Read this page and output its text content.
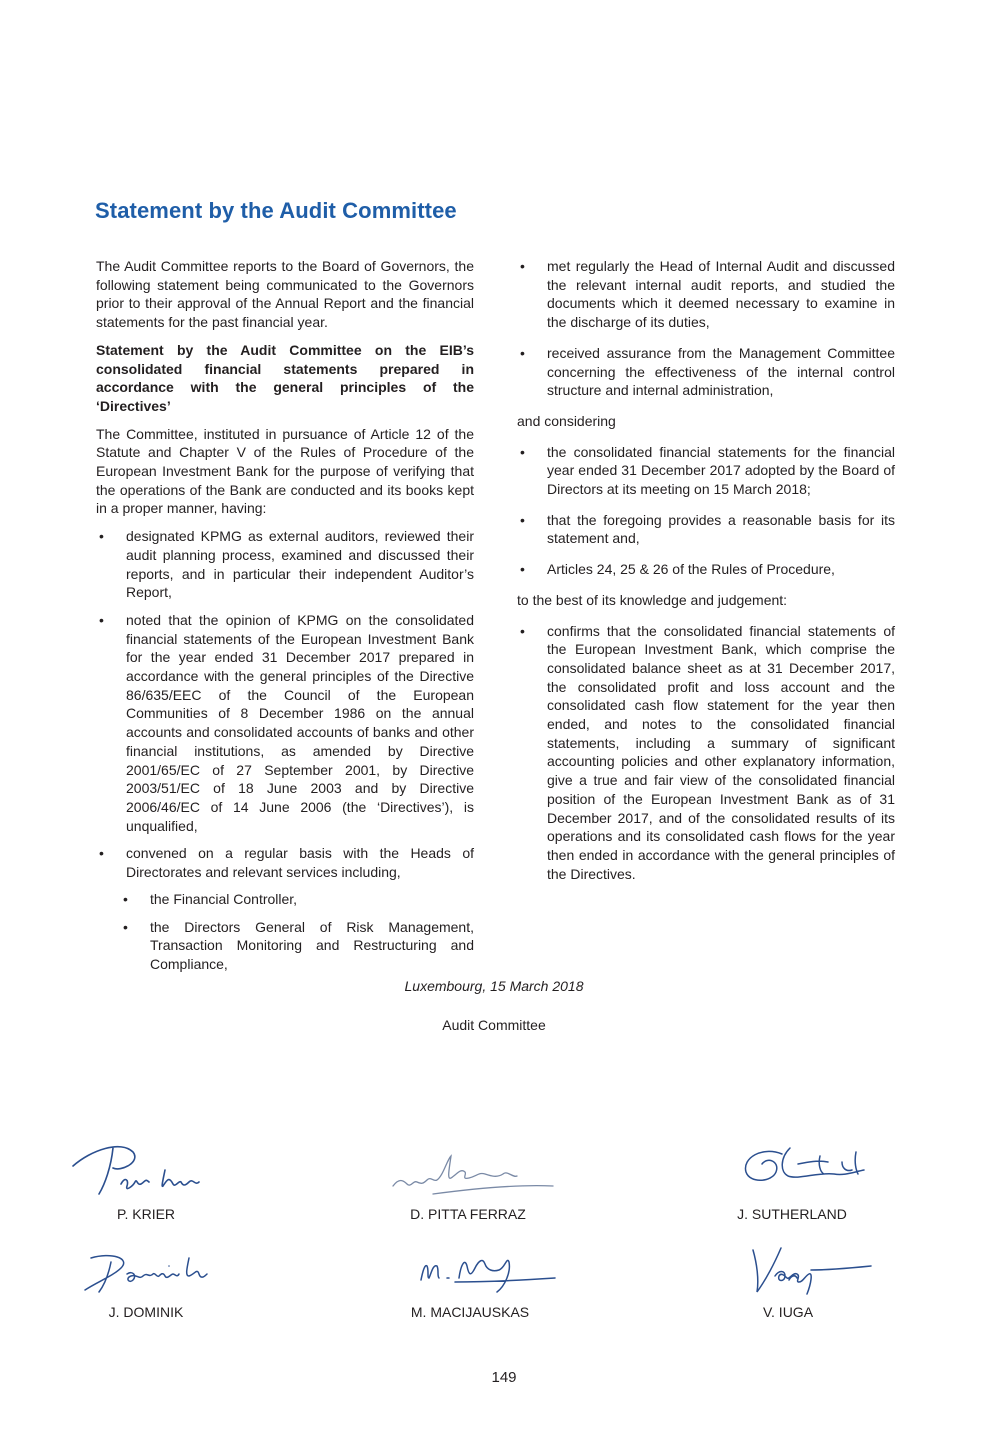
Statement by the Audit Committee

The Audit Committee reports to the Board of Governors, the following statement being communicated to the Governors prior to their approval of the Annual Report and the financial statements for the past financial year.

Statement by the Audit Committee on the EIB’s consolidated financial statements prepared in accordance with the general principles of the ‘Directives’

The Committee, instituted in pursuance of Article 12 of the Statute and Chapter V of the Rules of Procedure of the European Investment Bank for the purpose of verifying that the operations of the Bank are conducted and its books kept in a proper manner, having:

• designated KPMG as external auditors, reviewed their audit planning process, examined and discussed their reports, and in particular their independent Auditor’s Report,
• noted that the opinion of KPMG on the consolidated financial statements of the European Investment Bank for the year ended 31 December 2017 prepared in accordance with the general principles of the Directive 86/635/EEC of the Council of the European Communities of 8 December 1986 on the annual accounts and consolidated accounts of banks and other financial institutions, as amended by Directive 2001/65/EC of 27 September 2001, by Directive 2003/51/EC of 18 June 2003 and by Directive 2006/46/EC of 14 June 2006 (the ‘Directives’), is unqualified,
• convened on a regular basis with the Heads of Directorates and relevant services including,
• the Financial Controller,
• the Directors General of Risk Management, Transaction Monitoring and Restructuring and Compliance,
• met regularly the Head of Internal Audit and discussed the relevant internal audit reports, and studied the documents which it deemed necessary to examine in the discharge of its duties,
• received assurance from the Management Committee concerning the effectiveness of the internal control structure and internal administration,

and considering

• the consolidated financial statements for the financial year ended 31 December 2017 adopted by the Board of Directors at its meeting on 15 March 2018;
• that the foregoing provides a reasonable basis for its statement and,
• Articles 24, 25 & 26 of the Rules of Procedure,

to the best of its knowledge and judgement:

• confirms that the consolidated financial statements of the European Investment Bank, which comprise the consolidated balance sheet as at 31 December 2017, the consolidated profit and loss account and the consolidated cash flow statement for the year then ended, and notes to the consolidated financial statements, including a summary of significant accounting policies and other explanatory information, give a true and fair view of the consolidated financial position of the European Investment Bank as of 31 December 2017, and of the consolidated results of its operations and its consolidated cash flows for the year then ended in accordance with the general principles of the Directives.
Luxembourg, 15 March 2018
Audit Committee
P. KRIER	D. PITTA FERRAZ	J. SUTHERLAND
J. DOMINIK	M. MACIJAUSKAS	V. IUGA
149
